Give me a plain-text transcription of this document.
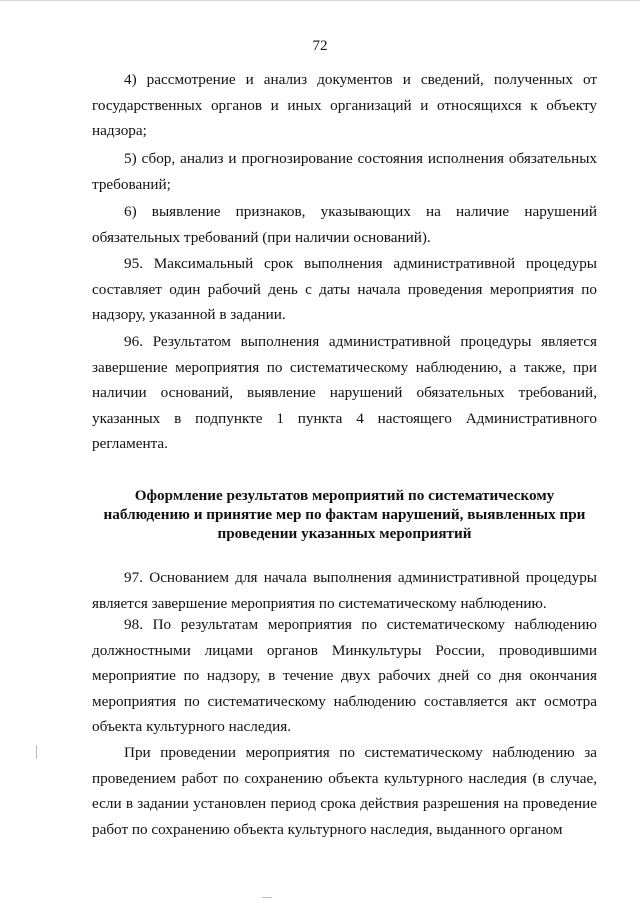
72
4) рассмотрение и анализ документов и сведений, полученных от государственных органов и иных организаций и относящихся к объекту надзора;
5) сбор, анализ и прогнозирование состояния исполнения обязательных требований;
6) выявление признаков, указывающих на наличие нарушений обязательных требований (при наличии оснований).
95. Максимальный срок выполнения административной процедуры составляет один рабочий день с даты начала проведения мероприятия по надзору, указанной в задании.
96. Результатом выполнения административной процедуры является завершение мероприятия по систематическому наблюдению, а также, при наличии оснований, выявление нарушений обязательных требований, указанных в подпункте 1 пункта 4 настоящего Административного регламента.
Оформление результатов мероприятий по систематическому
наблюдению и принятие мер по фактам нарушений, выявленных при
проведении указанных мероприятий
97. Основанием для начала выполнения административной процедуры является завершение мероприятия по систематическому наблюдению.
98. По результатам мероприятия по систематическому наблюдению должностными лицами органов Минкультуры России, проводившими мероприятие по надзору, в течение двух рабочих дней со дня окончания мероприятия по систематическому наблюдению составляется акт осмотра объекта культурного наследия.
При проведении мероприятия по систематическому наблюдению за проведением работ по сохранению объекта культурного наследия (в случае, если в задании установлен период срока действия разрешения на проведение работ по сохранению объекта культурного наследия, выданного органом
